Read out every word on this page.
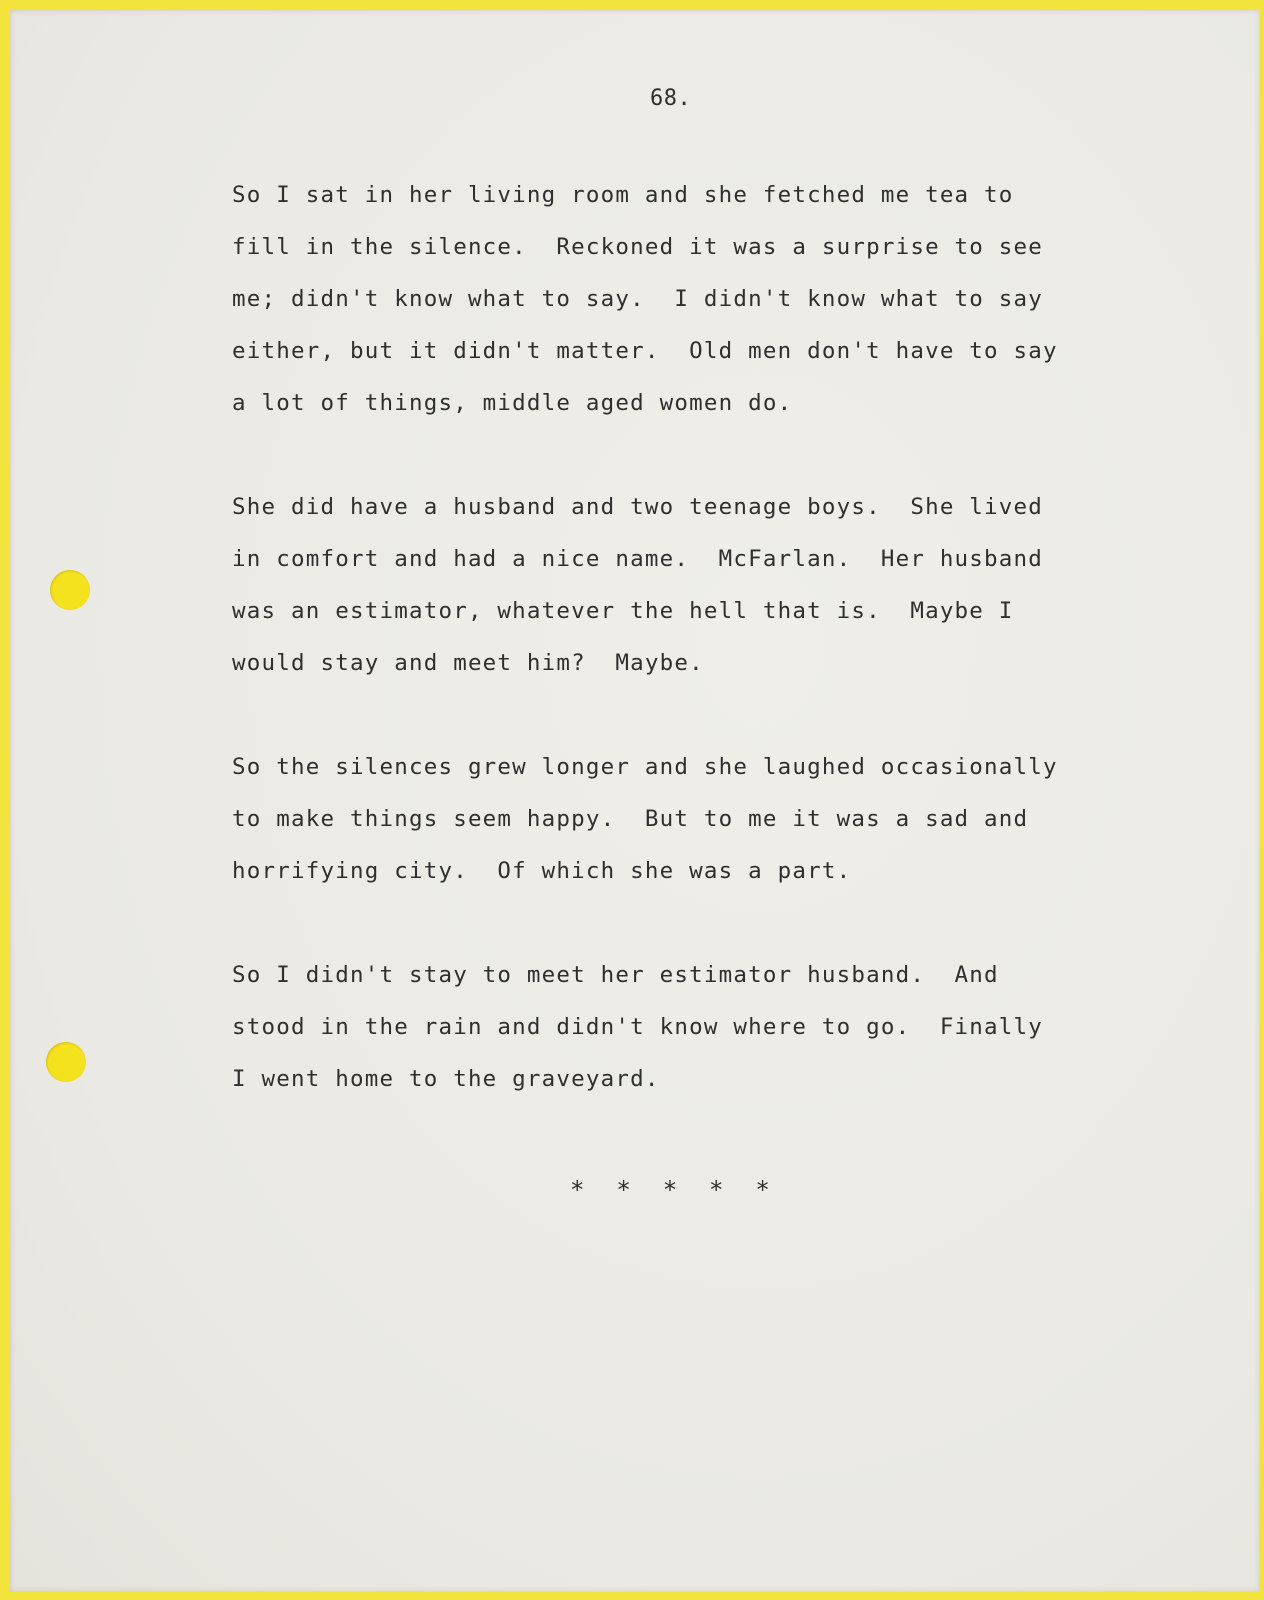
68.
So I sat in her living room and she fetched me tea to
fill in the silence.  Reckoned it was a surprise to see
me; didn't know what to say.  I didn't know what to say
either, but it didn't matter.  Old men don't have to say
a lot of things, middle aged women do.
She did have a husband and two teenage boys.  She lived
in comfort and had a nice name.  McFarlan.  Her husband
was an estimator, whatever the hell that is.  Maybe I
would stay and meet him?  Maybe.
So the silences grew longer and she laughed occasionally
to make things seem happy.  But to me it was a sad and
horrifying city.  Of which she was a part.
So I didn't stay to meet her estimator husband.  And
stood in the rain and didn't know where to go.  Finally
I went home to the graveyard.
*  *  *  *  *
